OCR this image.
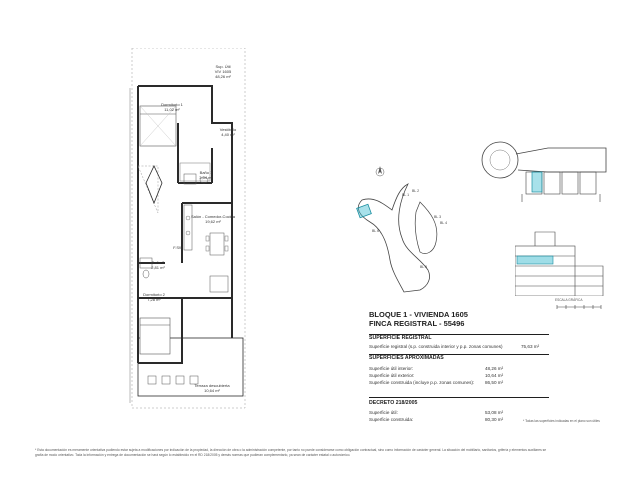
Sup. Útil
VIV 1605
48,26 m²
Dormitorio 1
11,02 m²
Vestíbulo
4,40 m²
Baño 1
3,54 m²
Salón - Comedor-Cocina
19,62 m²
F.SW
Baño 2
2,81 m²
Dormitorio 2
7,28 m²
Terraza descubierta
10,64 m²
BL 1
BL 2
BL 3
BL 4
BL 5
BL 6
ESCALA GRÁFICA
BLOQUE 1 - VIVIENDA 1605
FINCA REGISTRAL - 55496
SUPERFICIE REGISTRAL
Superficie registral (s.p. construida interior y p.p. zonas comunes)	75,63 m²
SUPERFICIES APROXIMADAS
Superficie útil interior:	48,26 m²
Superficie útil exterior:	10,64 m²
Superficie construida (incluye p.p. zonas comunes): 86,50 m²
DECRETO 218/2005
Superficie útil:	53,08 m²
Superficie construida:	80,30 m²	* Todas las superficies indicadas en el plano son útiles
* Esta documentación es meramente orientativa pudiendo estar sujeta a modificaciones por indicación de la propiedad, la dirección de obra o la administración competente, por tanto no puede considerarse como obligación contractual, sino como información de carácter general. La situación del mobiliario, sanitarios, grifería y elementos auxiliares se
grafía de modo orientativo. Toda la información y entrega de documentación se hará según lo establecido en el RD 218/2005 y demás normas que pudieran complementarlo, ya sean de carácter estatal o autonómico.
